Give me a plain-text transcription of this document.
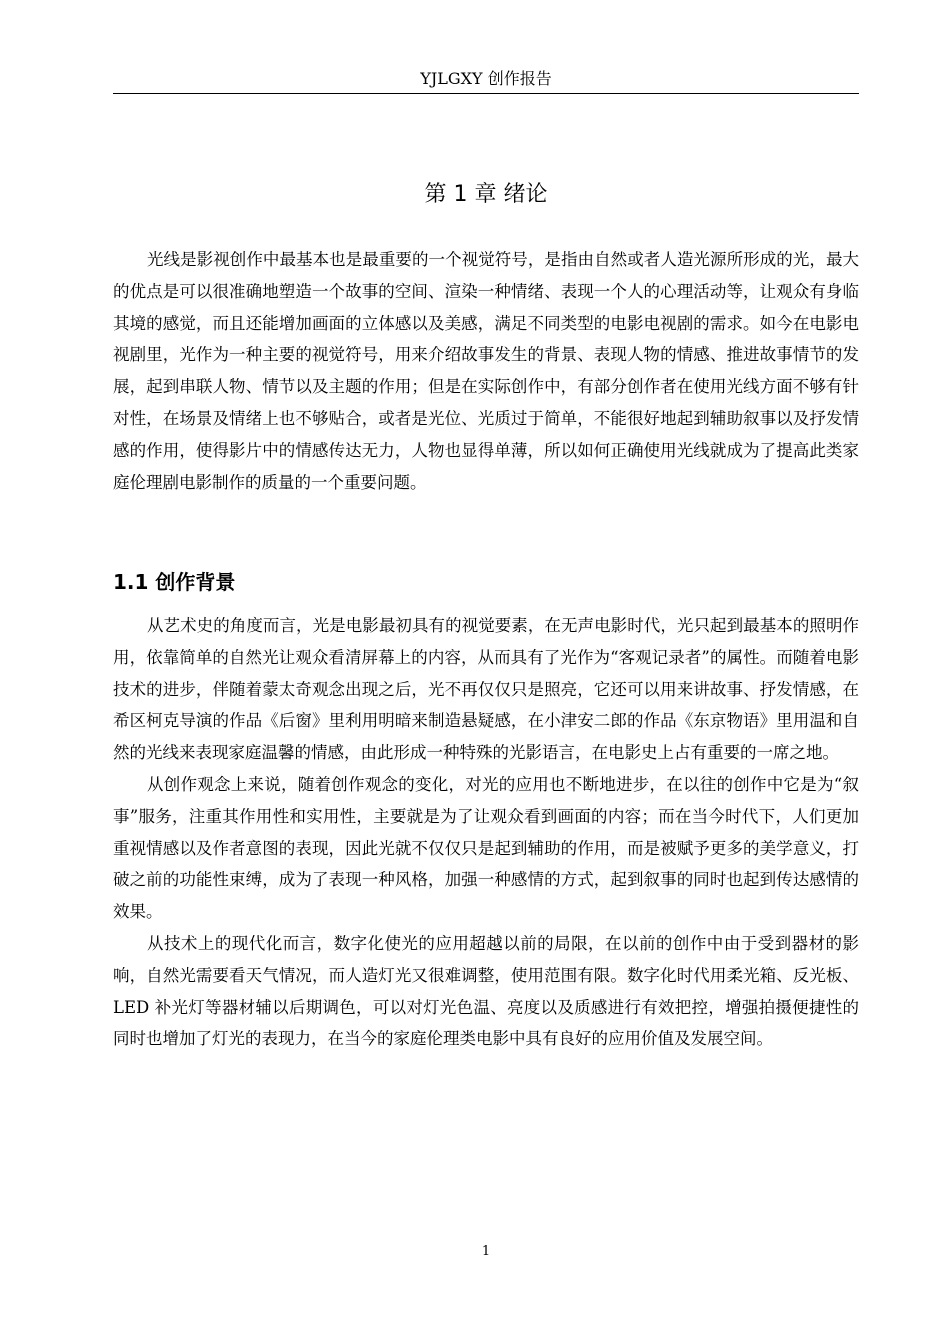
YJLGXY 创作报告
第 1 章 绪论

光线是影视创作中最基本也是最重要的一个视觉符号，是指由自然或者人造光源所形成的光，最大的优点是可以很准确地塑造一个故事的空间、渲染一种情绪、表现一个人的心理活动等，让观众有身临其境的感觉，而且还能增加画面的立体感以及美感，满足不同类型的电影电视剧的需求。如今在电影电视剧里，光作为一种主要的视觉符号，用来介绍故事发生的背景、表现人物的情感、推进故事情节的发展，起到串联人物、情节以及主题的作用；但是在实际创作中，有部分创作者在使用光线方面不够有针对性，在场景及情绪上也不够贴合，或者是光位、光质过于简单，不能很好地起到辅助叙事以及抒发情感的作用，使得影片中的情感传达无力，人物也显得单薄，所以如何正确使用光线就成为了提高此类家庭伦理剧电影制作的质量的一个重要问题。

1.1 创作背景

从艺术史的角度而言，光是电影最初具有的视觉要素，在无声电影时代，光只起到最基本的照明作用，依靠简单的自然光让观众看清屏幕上的内容，从而具有了光作为“客观记录者”的属性。而随着电影技术的进步，伴随着蒙太奇观念出现之后，光不再仅仅只是照亮，它还可以用来讲故事、抒发情感，在希区柯克导演的作品《后窗》里利用明暗来制造悬疑感，在小津安二郎的作品《东京物语》里用温和自然的光线来表现家庭温馨的情感，由此形成一种特殊的光影语言，在电影史上占有重要的一席之地。

从创作观念上来说，随着创作观念的变化，对光的应用也不断地进步，在以往的创作中它是为“叙事”服务，注重其作用性和实用性，主要就是为了让观众看到画面的内容；而在当今时代下，人们更加重视情感以及作者意图的表现，因此光就不仅仅只是起到辅助的作用，而是被赋予更多的美学意义，打破之前的功能性束缚，成为了表现一种风格，加强一种感情的方式，起到叙事的同时也起到传达感情的效果。

从技术上的现代化而言，数字化使光的应用超越以前的局限，在以前的创作中由于受到器材的影响，自然光需要看天气情况，而人造灯光又很难调整，使用范围有限。数字化时代用柔光箱、反光板、LED 补光灯等器材辅以后期调色，可以对灯光色温、亮度以及质感进行有效把控，增强拍摄便捷性的同时也增加了灯光的表现力，在当今的家庭伦理类电影中具有良好的应用价值及发展空间。

1
